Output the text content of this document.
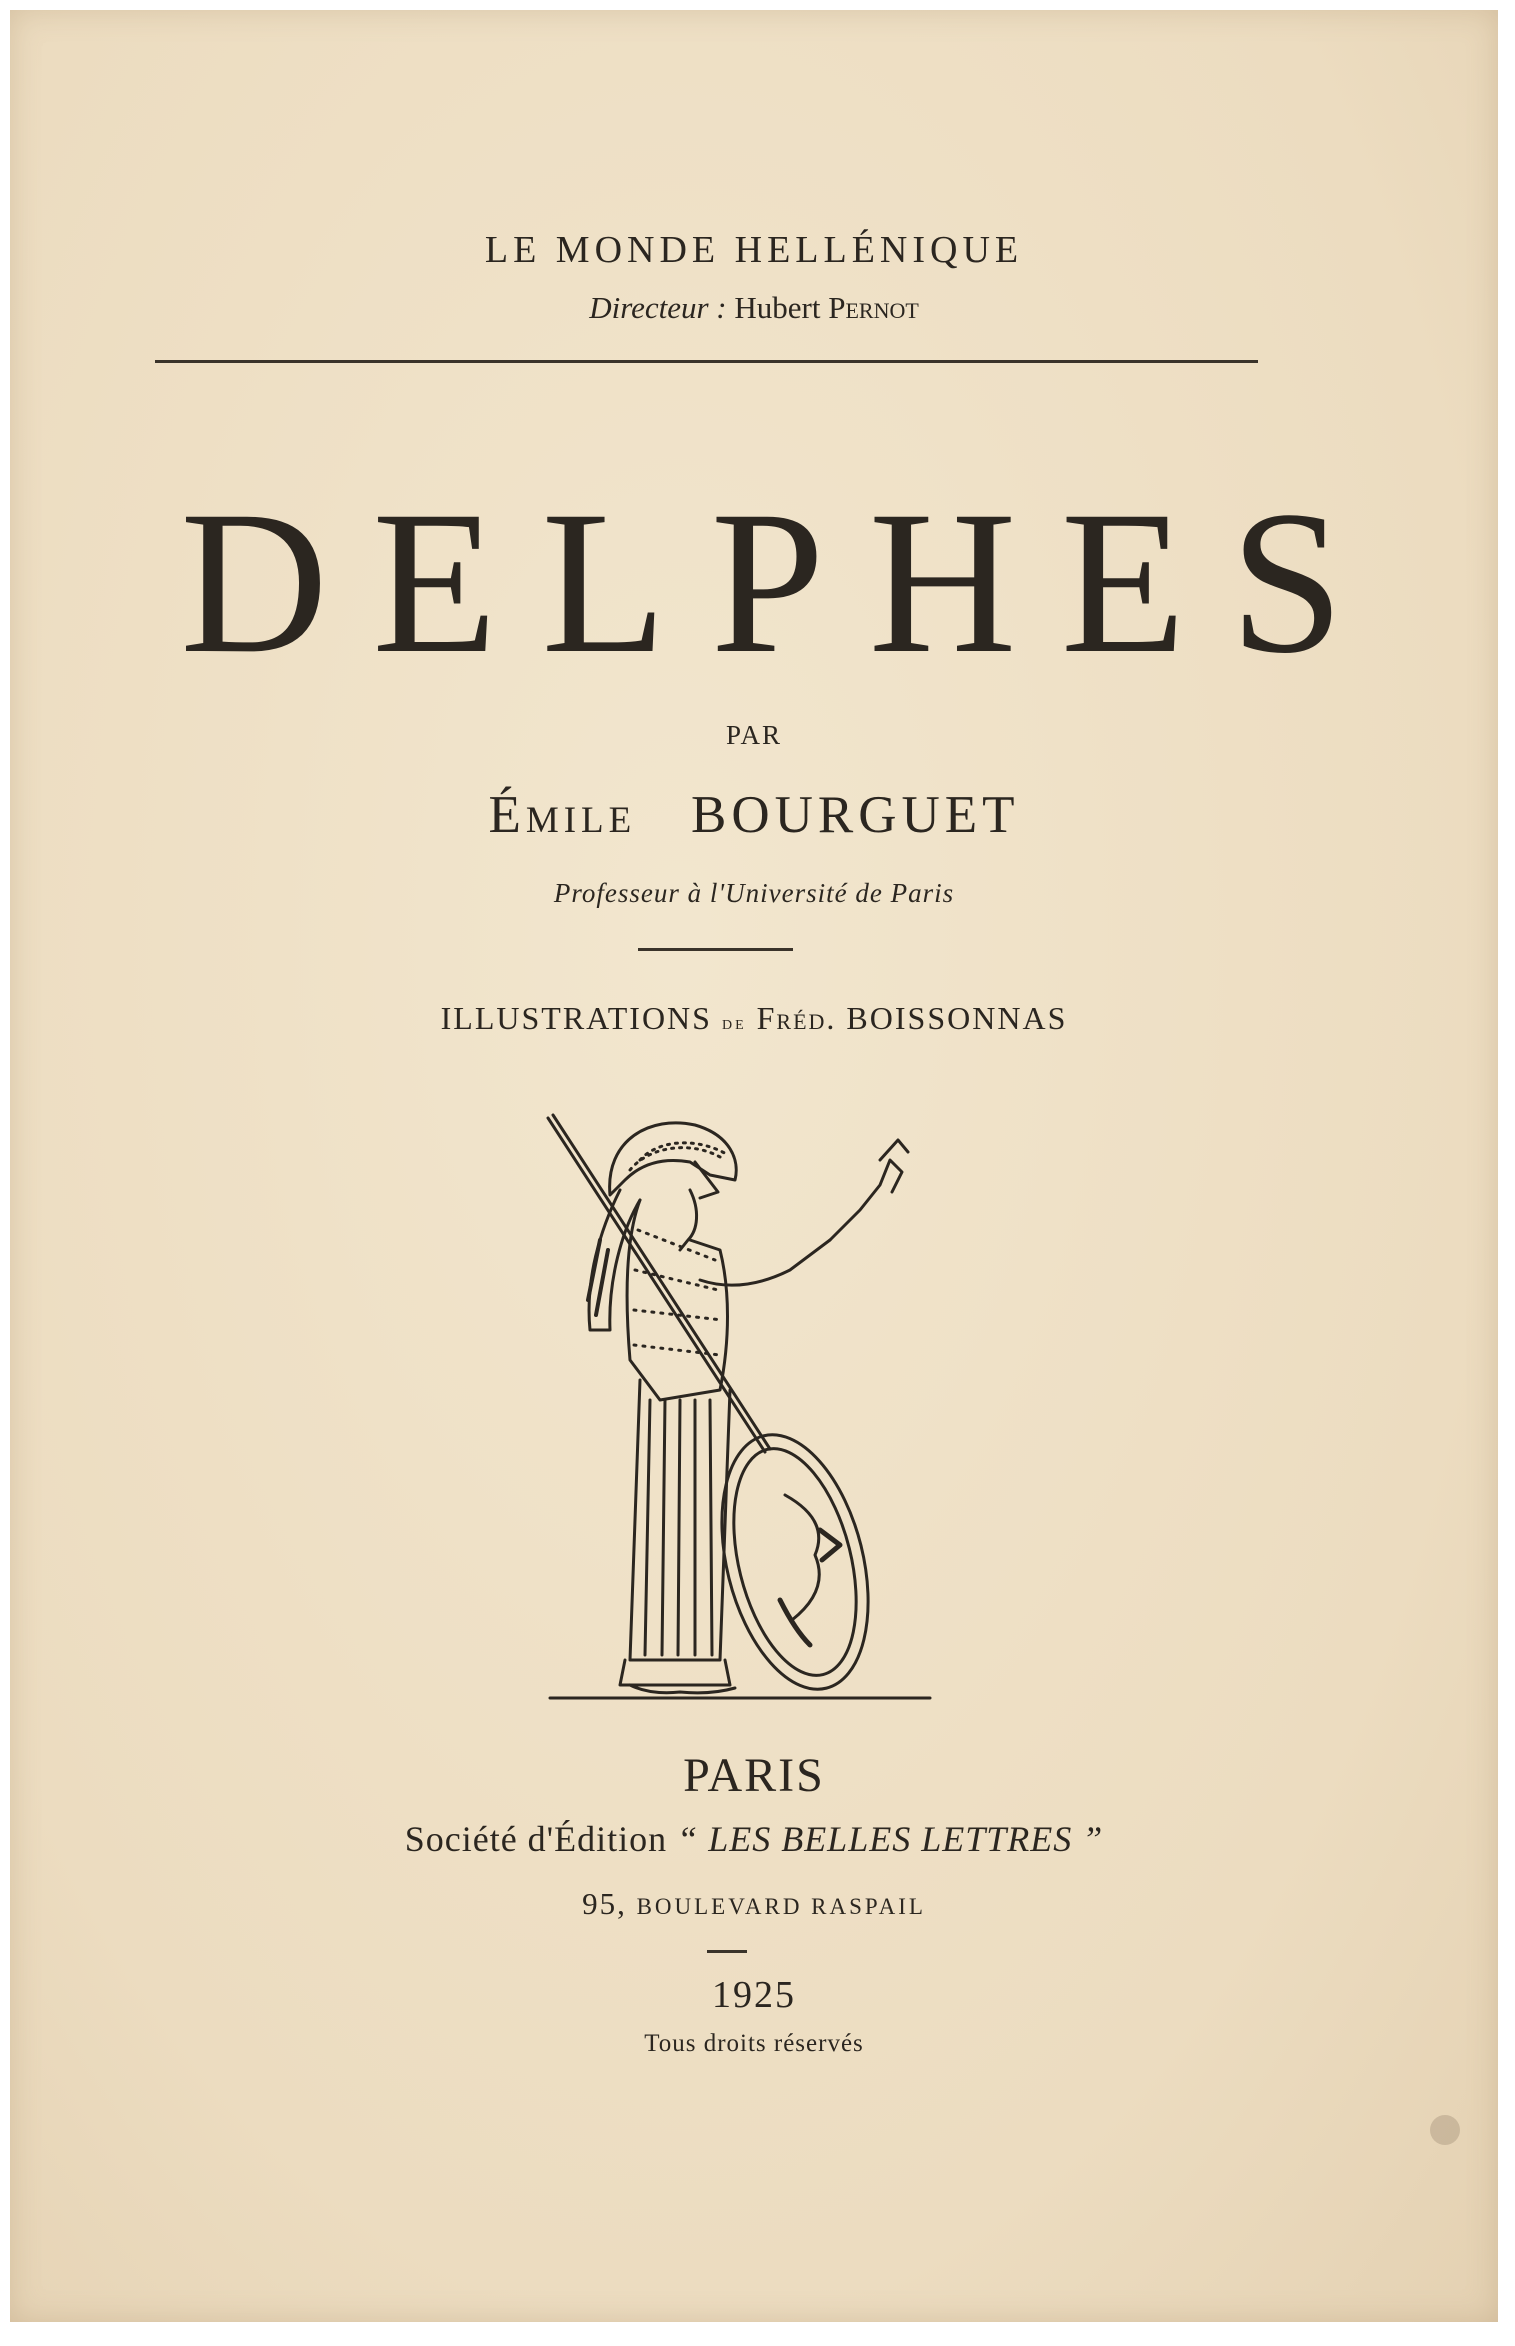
LE MONDE HELLÉNIQUE
Directeur : Hubert Pernot
DELPHES
PAR
Émile BOURGUET
Professeur à l'Université de Paris
ILLUSTRATIONS de Fréd. BOISSONNAS
PARIS
Société d'Édition “ LES BELLES LETTRES ”
95, BOULEVARD RASPAIL
1925
Tous droits réservés
